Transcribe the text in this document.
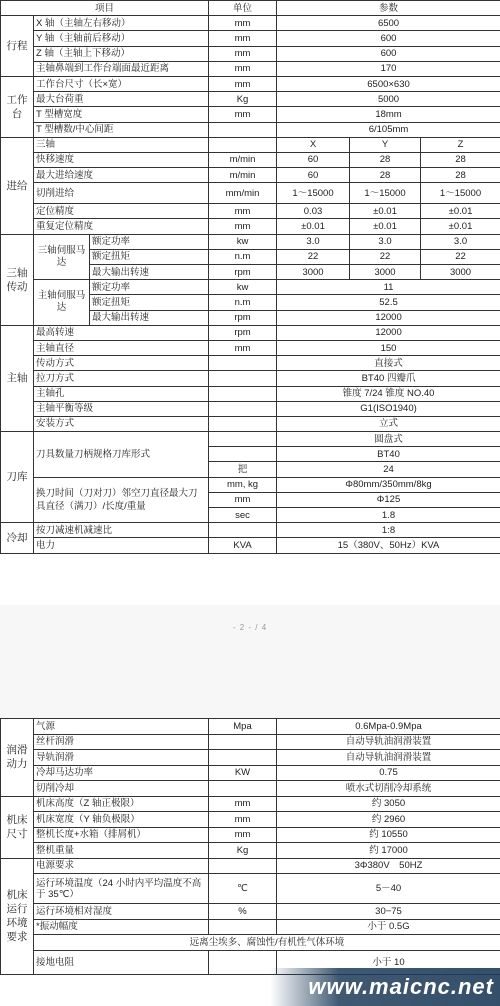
项目			单位	参数		
行程	X 轴（主轴左右移动）		mm	6500		
	Y 轴（主轴前后移动）		mm	600		
	Z 轴（主轴上下移动）		mm	600		
	主轴鼻端到工作台端面最近距离		mm	170		
工作台	工作台尺寸（长×宽）		mm	6500×630		
	最大台荷重		Kg	5000		
	T 型槽宽度		mm	18mm		
	T 型槽数/中心间距			6/105mm		
进给	三轴			X	Y	Z
	快移速度		m/min	60	28	28
	最大进给速度		m/min	60	28	28
	切削进给		mm/min	1～15000	1～15000	1～15000
	定位精度		mm	0.03	±0.01	±0.01
	重复定位精度		mm	±0.01	±0.01	±0.01
三轴传动	三轴伺服马达	额定功率	kw	3.0	3.0	3.0
		额定扭矩	n.m	22	22	22
		最大输出转速	rpm	3000	3000	3000
	主轴伺服马达	额定功率	kw	11		
		额定扭矩	n.m	52.5		
		最大输出转速	rpm	12000		
主轴	最高转速		rpm	12000		
	主轴直径		mm	150		
	传动方式			直接式		
	拉刀方式			BT40 四瓣爪		
	主轴孔			锥度 7/24 锥度 NO.40		
	主轴平衡等级			G1(ISO1940)		
	安装方式			立式		
刀库	刀具数量刀柄规格刀库形式			圆盘式		
				BT40		
			把	24		
	换刀时间（刀对刀）邻空刀直径最大刀具直径（满刀）/长度/重量		mm, kg	Φ80mm/350mm/8kg		
			mm	Φ125		
			sec	1.8		
冷却	按刀减速机减速比			1:8		
	电力		KVA	15（380V、50Hz）KVA		
- 2 - / 4
润滑动力	气源	Mpa	0.6Mpa-0.9Mpa
	丝杆润滑		自动导轨油润滑装置
	导轨润滑		自动导轨油润滑装置
	冷却马达功率	KW	0.75
	切削冷却		喷水式切削冷却系统
机床尺寸	机床高度（Z 轴正极限）	mm	约 3050
	机床宽度（Y 轴负极限）	mm	约 2960
	整机长度+水箱（排屑机）	mm	约 10550
	整机重量	Kg	约 17000
机床运行环境要求	电源要求		3Φ380V　50HZ
	运行环境温度（24 小时内平均温度不高于 35℃）	℃	5－40
	运行环境相对湿度	%	30−75
	*振动幅度		小于 0.5G
	远离尘埃多、腐蚀性/有机性气体环境		
	接地电阻		小于 10
www.maicnc.net
